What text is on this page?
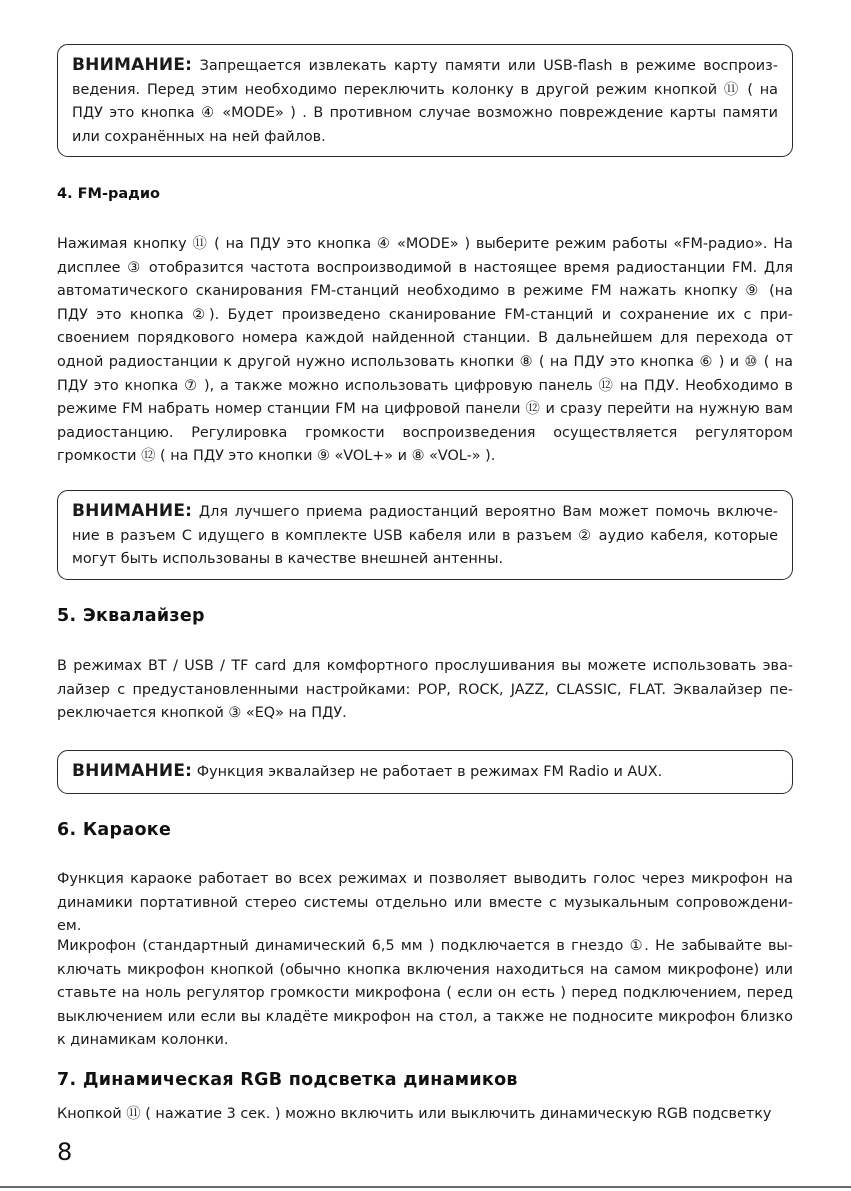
ВНИМАНИЕ: Запрещается извлекать карту памяти или USB-flash в режиме воспроиз-ведения. Перед этим необходимо переключить колонку в другой режим кнопкой ⑪ ( на ПДУ это кнопка ④ «MODE» ) . В противном случае возможно повреждение карты памяти или сохранённых на ней файлов.
4. FM-радио
Нажимая кнопку ⑪ ( на ПДУ это кнопка ④ «MODE» ) выберите режим работы «FM-радио». На дисплее ③ отобразится частота воспроизводимой в настоящее время радиостанции FM. Для автоматического сканирования FM-станций необходимо в режиме FM нажать кнопку ⑨ (на ПДУ это кнопка ②). Будет произведено сканирование FM-станций и сохранение их с при-своением порядкового номера каждой найденной станции. В дальнейшем для перехода от одной радиостанции к другой нужно использовать кнопки ⑧ ( на ПДУ это кнопка ⑥ ) и ⑩ ( на ПДУ это кнопка ⑦ ), а также можно использовать цифровую панель ⑫ на ПДУ. Необходимо в режиме FM набрать номер станции FM на цифровой панели ⑫ и сразу перейти на нужную вам радиостанцию. Регулировка громкости воспроизведения осуществляется регулятором громкости ⑫ ( на ПДУ это кнопки ⑨ «VOL+» и ⑧ «VOL-» ).
ВНИМАНИЕ: Для лучшего приема радиостанций вероятно Вам может помочь включе-ние в разъем C идущего в комплекте USB кабеля или в разъем ② аудио кабеля, которые могут быть использованы в качестве внешней антенны.
5. Эквалайзер
В режимах BT / USB / TF card для комфортного прослушивания вы можете использовать эва-лайзер с предустановленными настройками: POP, ROCK, JAZZ, CLASSIC, FLAT. Эквалайзер пе-реключается кнопкой ③ «EQ» на ПДУ.
ВНИМАНИЕ: Функция эквалайзер не работает в режимах FM Radio и AUX.
6. Караоке
Функция караоке работает во всех режимах и позволяет выводить голос через микрофон на динамики портативной стерео системы отдельно или вместе с музыкальным сопровождени-ем.
Микрофон (стандартный динамический 6,5 мм ) подключается в гнездо ①. Не забывайте вы-ключать микрофон кнопкой (обычно кнопка включения находиться на самом микрофоне) или ставьте на ноль регулятор громкости микрофона ( если он есть ) перед подключением, перед выключением или если вы кладёте микрофон на стол, а также не подносите микрофон близко к динамикам колонки.
7. Динамическая RGB подсветка динамиков
Кнопкой ⑪ ( нажатие 3 сек. ) можно включить или выключить динамическую RGB подсветку
8
